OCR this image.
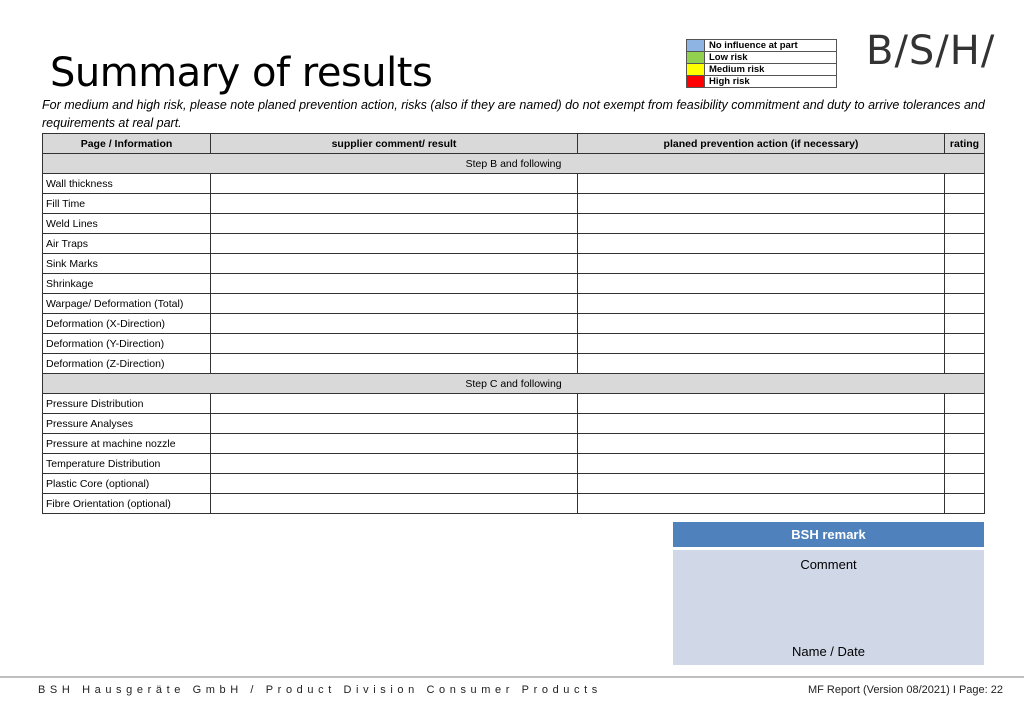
Summary of results	B/S/H/
	No influence at part
	Low risk
	Medium risk
	High risk
For medium and high risk, please note planed prevention action, risks (also if they are named) do not exempt from feasibility commitment and duty to arrive tolerances and requirements at real part.
Page / Information	supplier comment/ result	planed prevention action (if necessary)	rating
Step B and following			
Wall thickness			
Fill Time			
Weld Lines			
Air Traps			
Sink Marks			
Shrinkage			
Warpage/ Deformation (Total)			
Deformation (X-Direction)			
Deformation (Y-Direction)			
Deformation (Z-Direction)			
Step C and following			
Pressure Distribution			
Pressure Analyses			
Pressure at machine nozzle			
Temperature Distribution			
Plastic Core (optional)			
Fibre Orientation (optional)			
BSH remark
Comment
Name / Date
BSH Hausgeräte GmbH / Product Division Consumer Products	MF Report (Version 08/2021) I Page: 22
